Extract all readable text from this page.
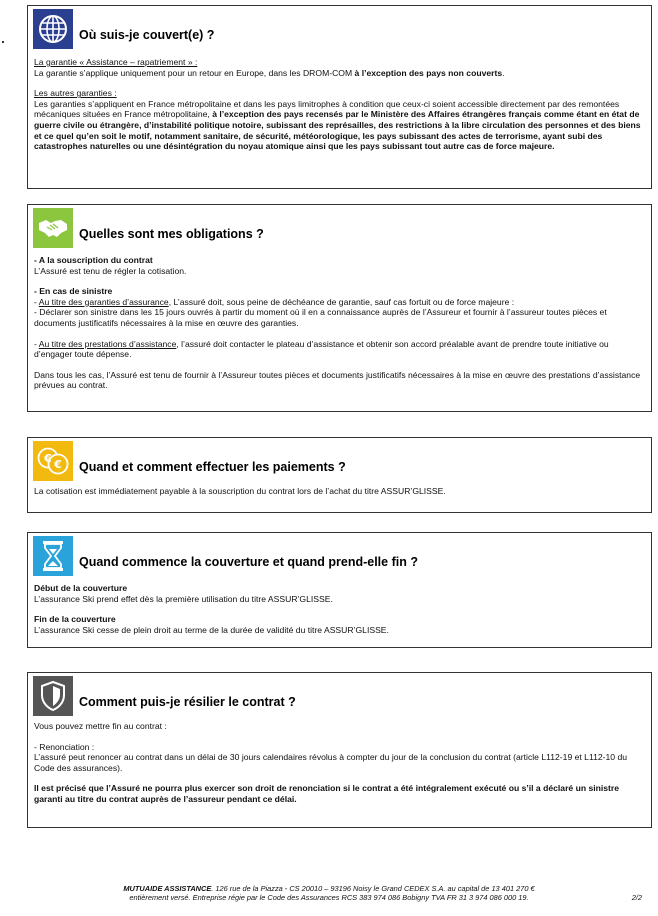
Où suis-je couvert(e) ?

La garantie « Assistance – rapatriement » :

La garantie s’applique uniquement pour un retour en Europe, dans les DROM-COM à l’exception des pays non couverts.

Les autres garanties :

Les garanties s’appliquent en France métropolitaine et dans les pays limitrophes à condition que ceux-ci soient accessible directement par des remontées mécaniques situées en France métropolitaine, à l’exception des pays recensés par le Ministère des Affaires étrangères français comme étant en état de guerre civile ou étrangère, d’instabilité politique notoire, subissant des représailles, des restrictions à la libre circulation des personnes et des biens et ce quel qu’en soit le motif, notamment sanitaire, de sécurité, météorologique, les pays subissant des actes de terrorisme, ayant subi des catastrophes naturelles ou une désintégration du noyau atomique ainsi que les pays subissant tout autre cas de force majeure.

Quelles sont mes obligations ?

- A la souscription du contrat

L’Assuré est tenu de régler la cotisation.

- En cas de sinistre

- Au titre des garanties d’assurance, L’assuré doit, sous peine de déchéance de garantie, sauf cas fortuit ou de force majeure :

- Déclarer son sinistre dans les 15 jours ouvrés à partir du moment où il en a connaissance auprès de l’Assureur et fournir à l’assureur toutes pièces et documents justificatifs nécessaires à la mise en œuvre des garanties.

- Au titre des prestations d’assistance, l’assuré doit contacter le plateau d’assistance et obtenir son accord préalable avant de prendre toute initiative ou d’engager toute dépense.

Dans tous les cas, l’Assuré est tenu de fournir à l’Assureur toutes pièces et documents justificatifs nécessaires à la mise en œuvre des prestations d’assistance prévues au contrat.

€ € Quand et comment effectuer les paiements ?

La cotisation est immédiatement payable à la souscription du contrat lors de l’achat du titre ASSUR’GLISSE.

Quand commence la couverture et quand prend-elle fin ?

Début de la couverture

L’assurance Ski prend effet dès la première utilisation du titre ASSUR’GLISSE.

Fin de la couverture

L’assurance Ski cesse de plein droit au terme de la durée de validité du titre ASSUR’GLISSE.

Comment puis-je résilier le contrat ?

Vous pouvez mettre fin au contrat :

- Renonciation :

L’assuré peut renoncer au contrat dans un délai de 30 jours calendaires révolus à compter du jour de la conclusion du contrat (article L112-19 et L112-10 du Code des assurances).

Il est précisé que l’Assuré ne pourra plus exercer son droit de renonciation si le contrat a été intégralement exécuté ou s’il a déclaré un sinistre garanti au titre du contrat auprès de l’assureur pendant ce délai.

MUTUAIDE ASSISTANCE. 126 rue de la Piazza - CS 20010 – 93196 Noisy le Grand CEDEX S.A. au capital de 13 401 270 €
entièrement versé. Entreprise régie par le Code des Assurances RCS 383 974 086 Bobigny TVA FR 31 3 974 086 000 19.	2/2
